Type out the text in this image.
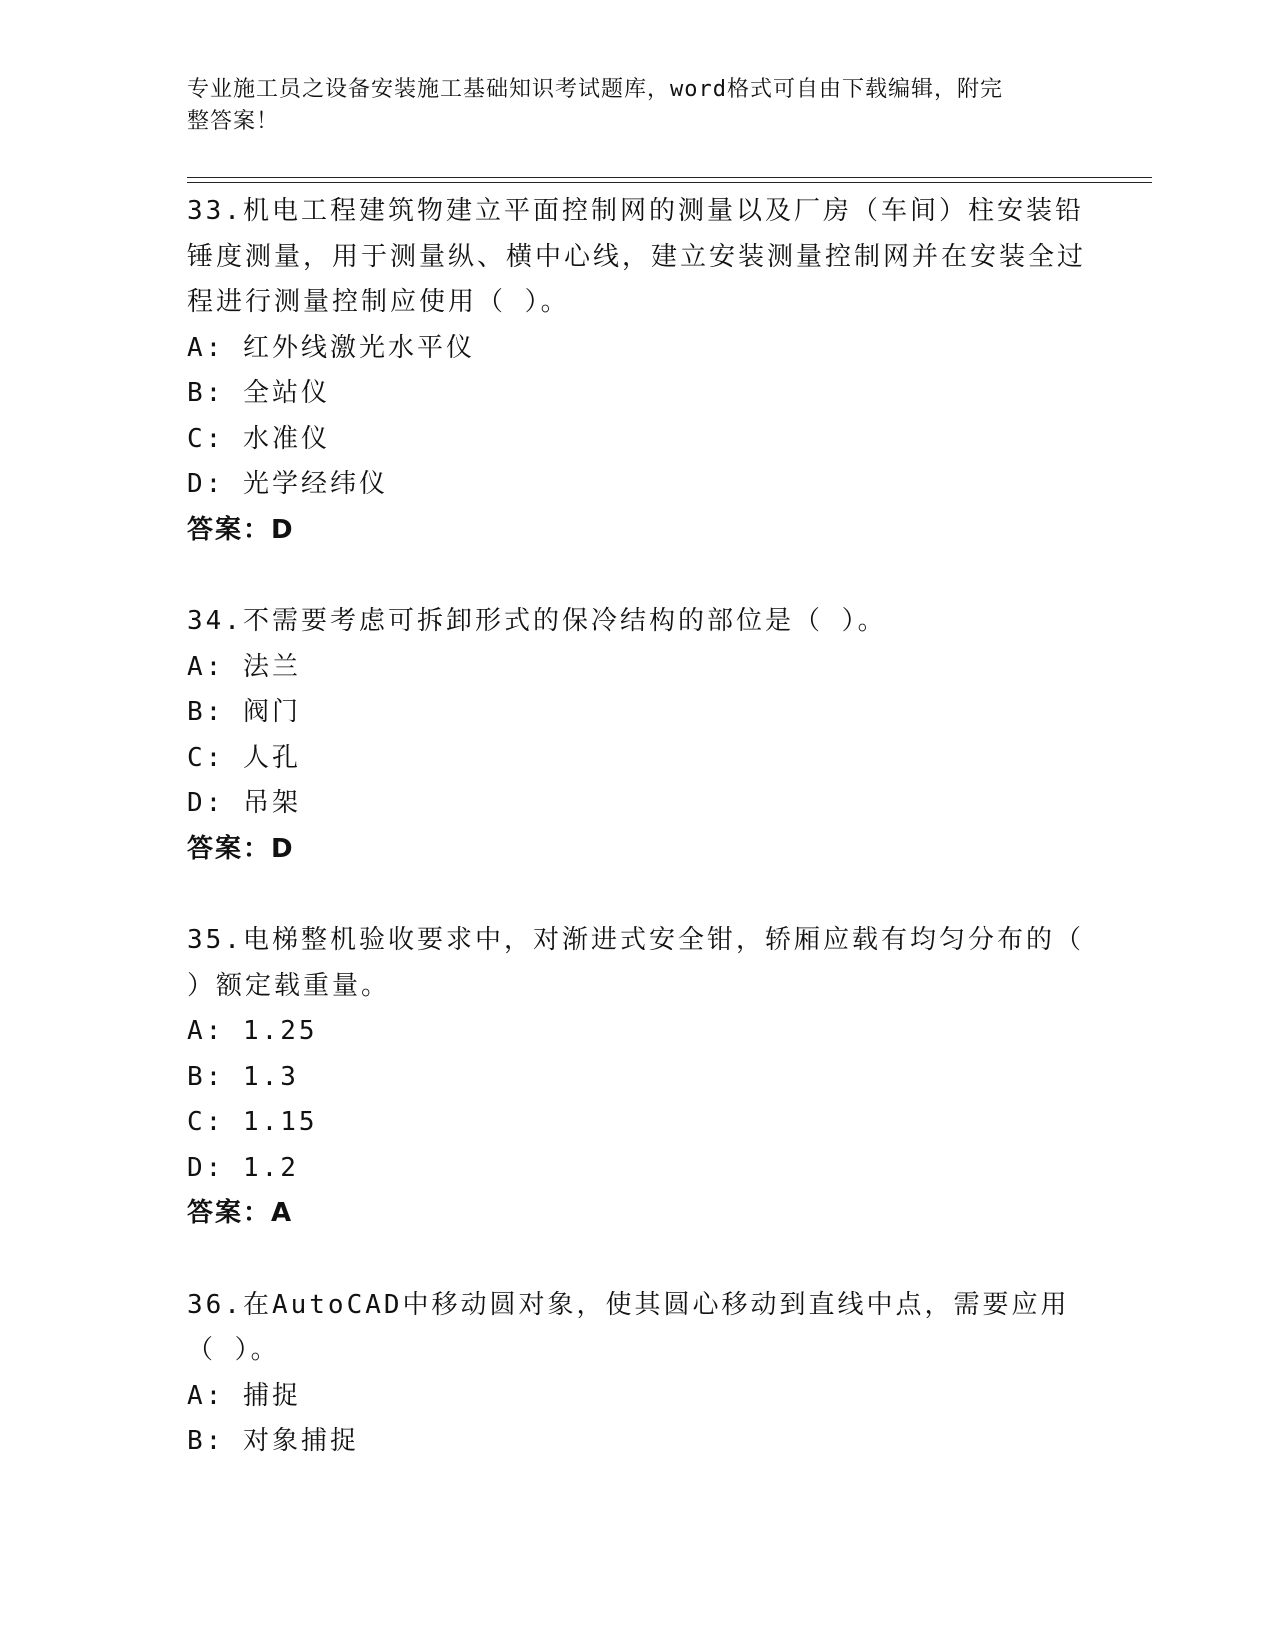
专业施工员之设备安装施工基础知识考试题库，word格式可自由下载编辑，附完
整答案！

33.机电工程建筑物建立平面控制网的测量以及厂房（车间）柱安装铅锤度测量，用于测量纵、横中心线，建立安装测量控制网并在安装全过程进行测量控制应使用（ ）。

A: 红外线激光水平仪

B: 全站仪

C: 水准仪

D: 光学经纬仪

答案：D

34.不需要考虑可拆卸形式的保冷结构的部位是（ ）。

A: 法兰

B: 阀门

C: 人孔

D: 吊架

答案：D

35.电梯整机验收要求中，对渐进式安全钳，轿厢应载有均匀分布的（ ）额定载重量。

A: 1.25

B: 1.3

C: 1.15

D: 1.2

答案：A

36.在AutoCAD中移动圆对象，使其圆心移动到直线中点，需要应用（ ）。

A: 捕捉

B: 对象捕捉
